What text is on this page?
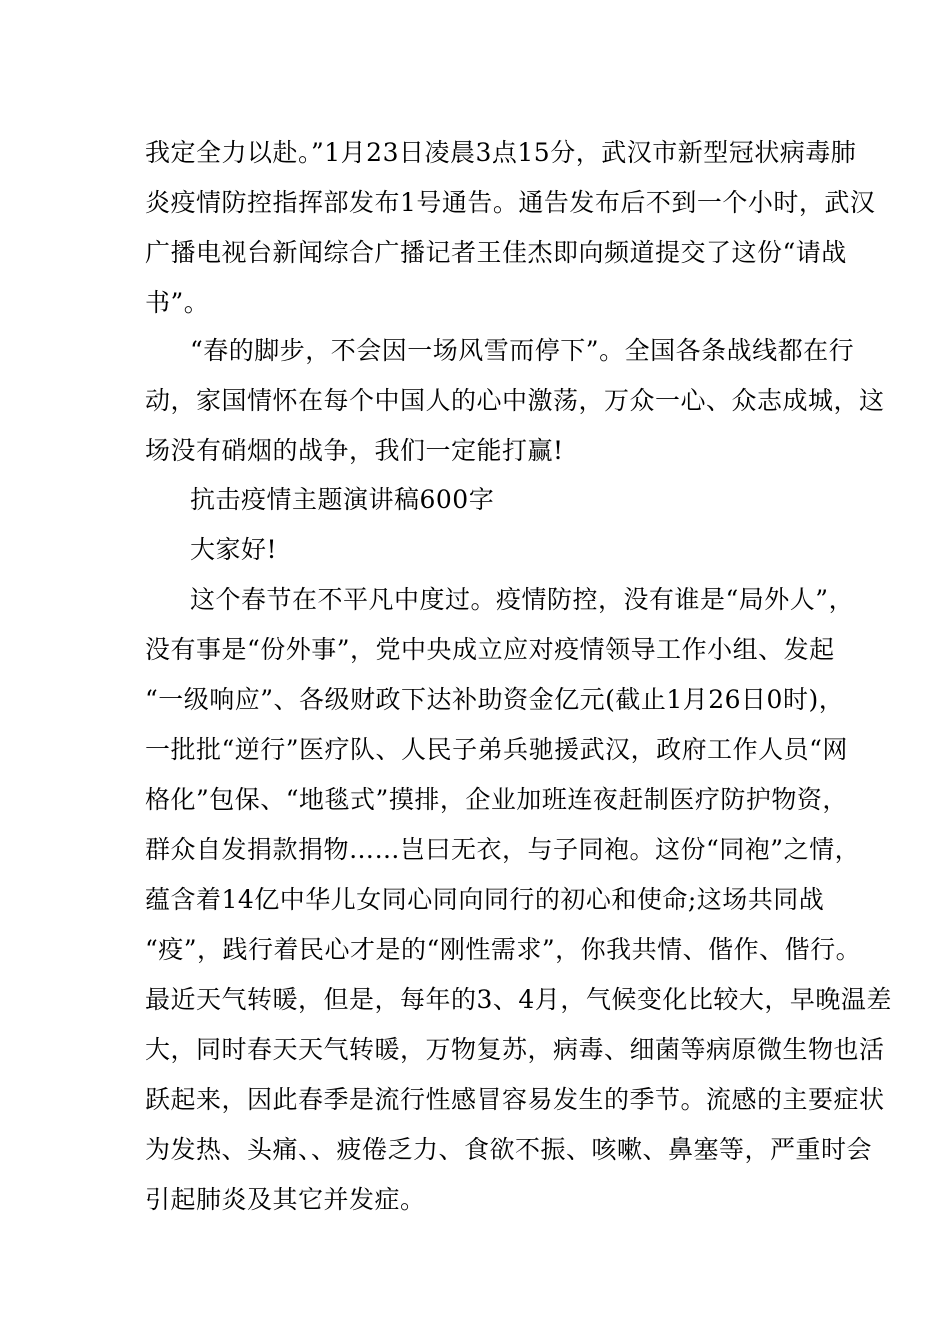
我定全力以赴。”1月23日凌晨3点15分，武汉市新型冠状病毒肺
炎疫情防控指挥部发布1号通告。通告发布后不到一个小时，武汉
广播电视台新闻综合广播记者王佳杰即向频道提交了这份“请战
书”。
“春的脚步，不会因一场风雪而停下”。全国各条战线都在行
动，家国情怀在每个中国人的心中激荡，万众一心、众志成城，这
场没有硝烟的战争，我们一定能打赢!
抗击疫情主题演讲稿600字
大家好!
这个春节在不平凡中度过。疫情防控，没有谁是“局外人”，
没有事是“份外事”，党中央成立应对疫情领导工作小组、发起
“一级响应”、各级财政下达补助资金亿元(截止1月26日0时)，
一批批“逆行”医疗队、人民子弟兵驰援武汉，政府工作人员“网
格化”包保、“地毯式”摸排，企业加班连夜赶制医疗防护物资，
群众自发捐款捐物……岂曰无衣，与子同袍。这份“同袍”之情，
蕴含着14亿中华儿女同心同向同行的初心和使命;这场共同战
“疫”，践行着民心才是的“刚性需求”，你我共情、偕作、偕行。
最近天气转暖，但是，每年的3、4月，气候变化比较大，早晚温差
大，同时春天天气转暖，万物复苏，病毒、细菌等病原微生物也活
跃起来，因此春季是流行性感冒容易发生的季节。流感的主要症状
为发热、头痛、、疲倦乏力、食欲不振、咳嗽、鼻塞等，严重时会
引起肺炎及其它并发症。
